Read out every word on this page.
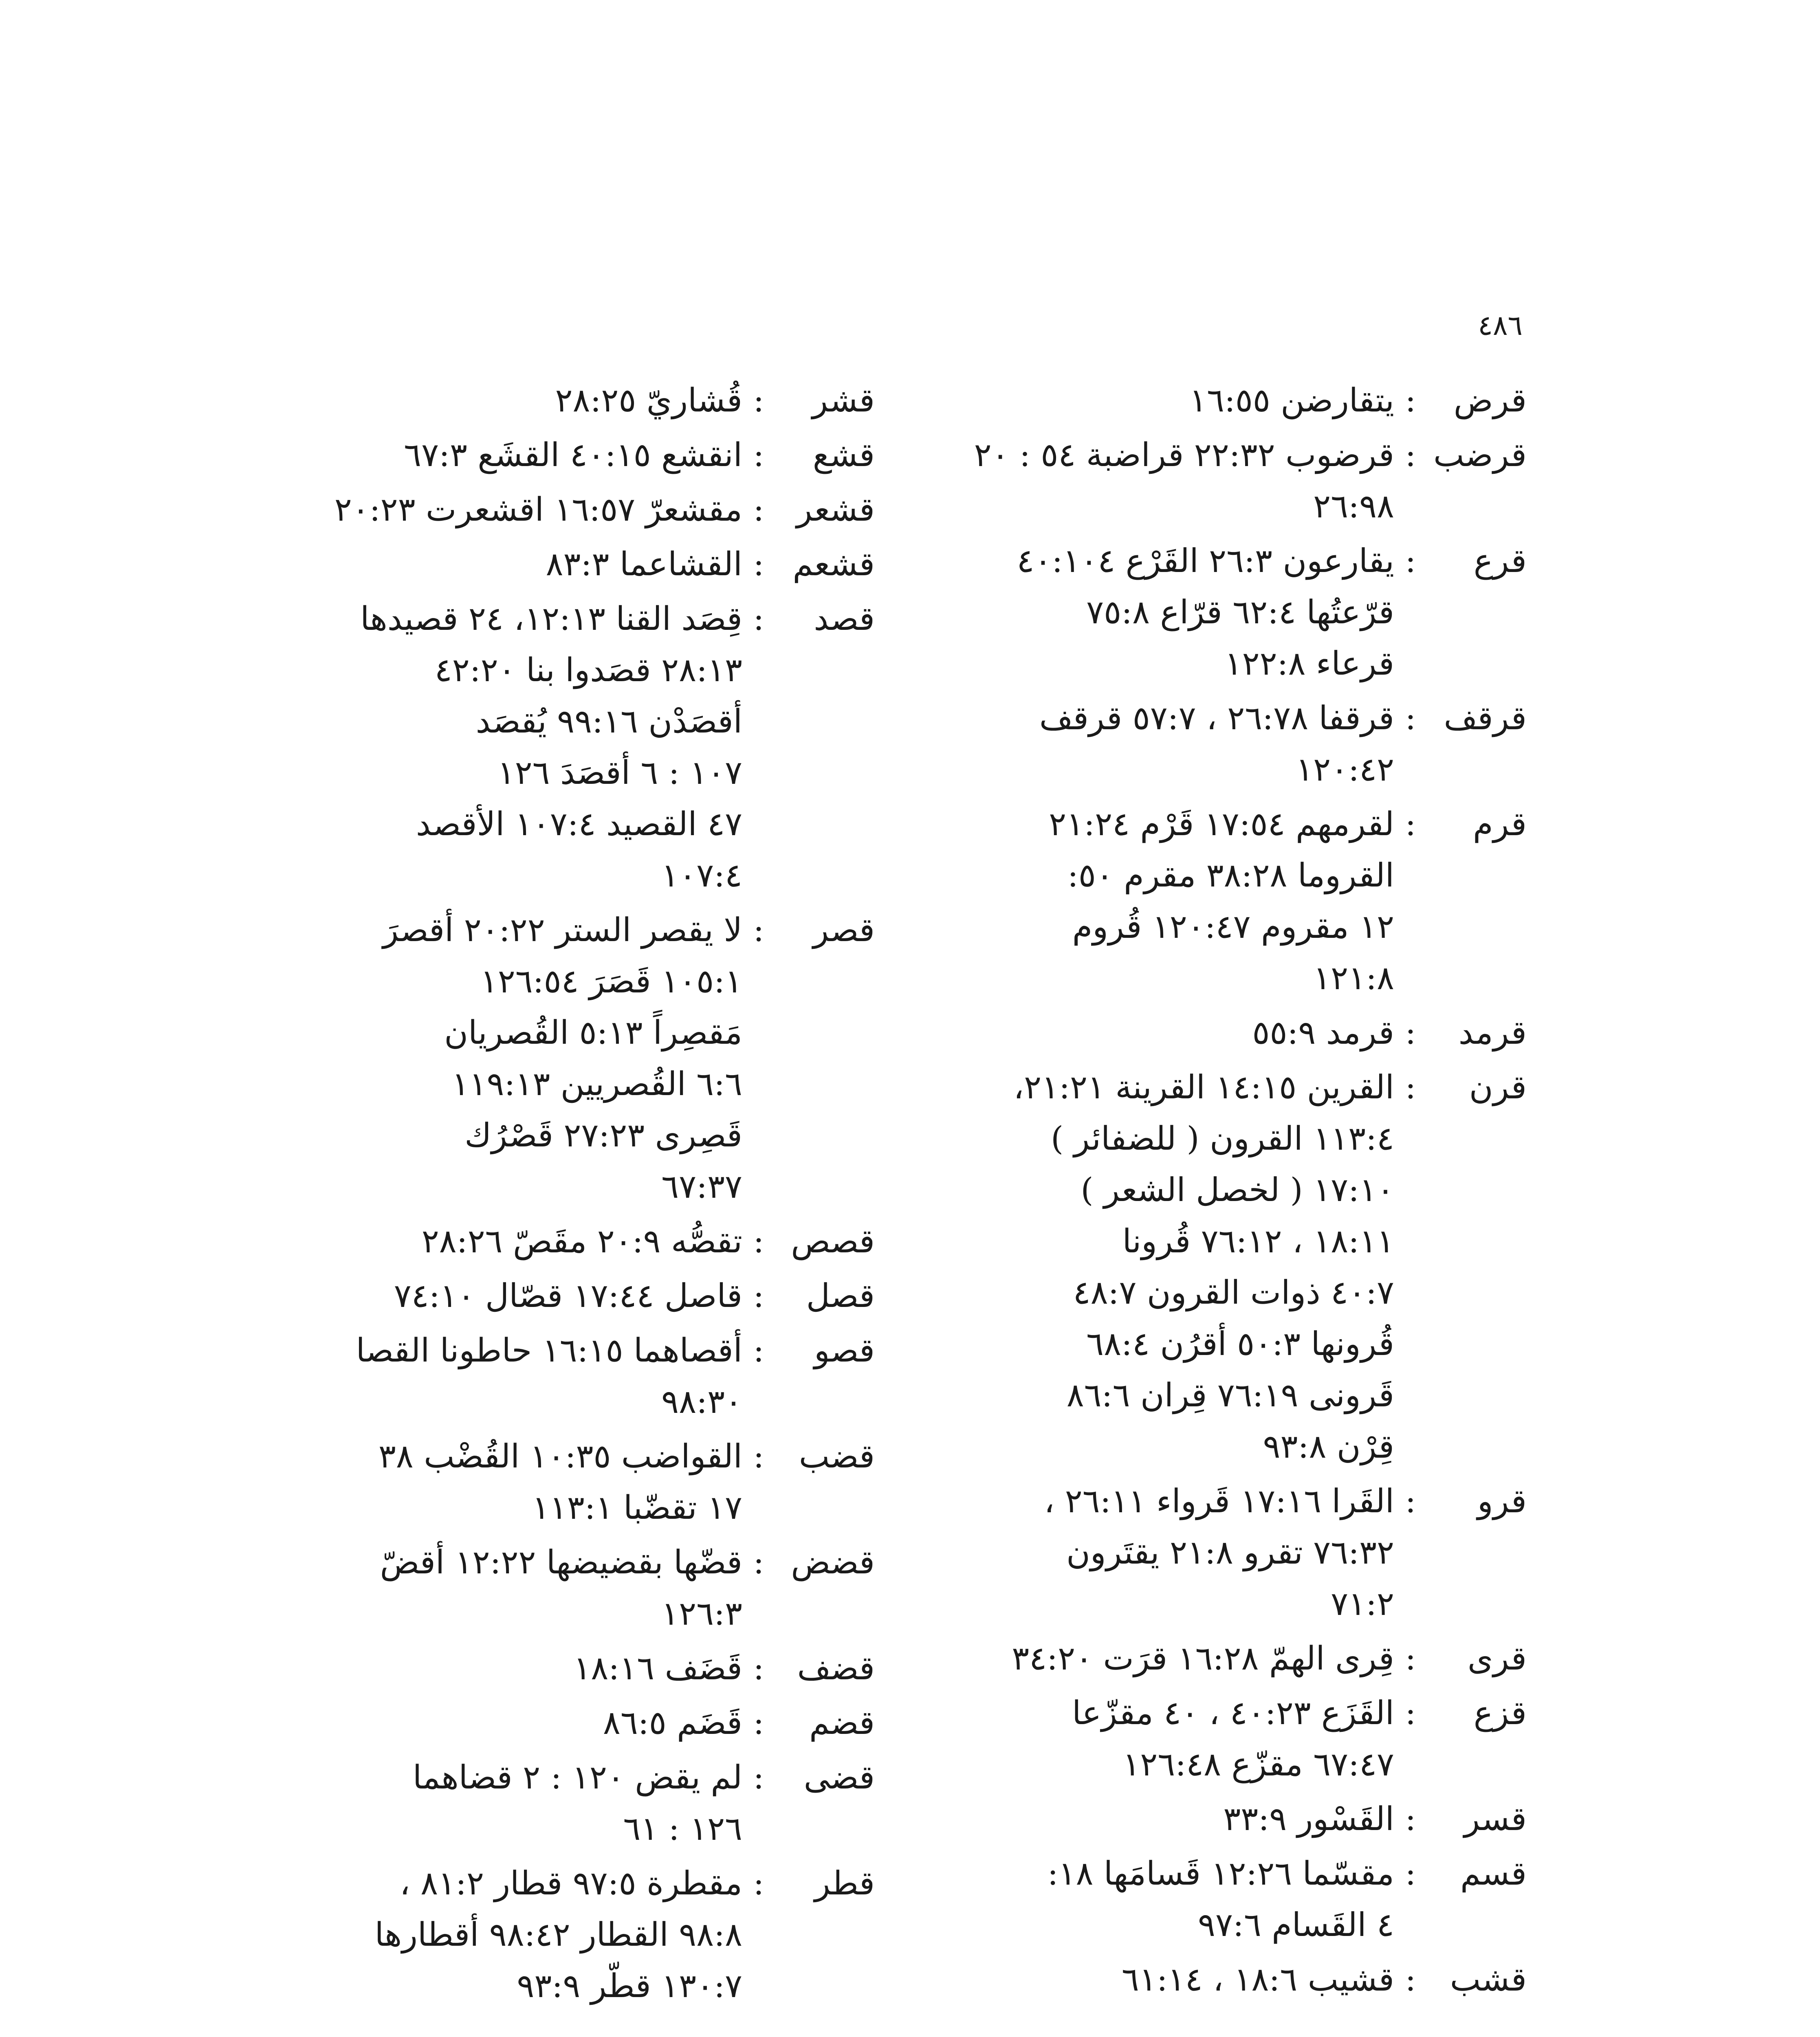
٤٨٦
قرض
:
يتقارضن ١٦:٥٥
قرضب
:
قرضوب ٢٢:٣٢ قراضبة ٥٤ : ٢٠
٢٦:٩٨
قرع
:
يقارعون ٢٦:٣ القَرْع ٤٠:١٠٤
قرّعتُها ٦٢:٤ قرّاع ٧٥:٨
قرعاء ١٢٢:٨
قرقف
:
قرقفا ٢٦:٧٨ ، ٥٧:٧ قرقف
١٢٠:٤٢
قرم
:
لقرمهم ١٧:٥٤ قَرْم ٢١:٢٤
القروما ٣٨:٢٨ مقرم ٥٠:
١٢ مقروم ١٢٠:٤٧ قُروم
١٢١:٨
قرمد
:
قرمد ٥٥:٩
قرن
:
القرين ١٤:١٥ القرينة ٢١:٢١،
١١٣:٤ القرون ( للضفائر )
١٧:١٠ ( لخصل الشعر )
١٨:١١ ، ٧٦:١٢ قُرونا
٤٠:٧ ذوات القرون ٤٨:٧
قُرونها ٥٠:٣ أقرُن ٦٨:٤
قَرونى ٧٦:١٩ قِران ٨٦:٦
قِرْن ٩٣:٨
قرو
:
القَرا ١٧:١٦ قَرواء ٢٦:١١ ،
٧٦:٣٢ تقرو ٢١:٨ يقتَرون
٧١:٢
قرى
:
قِرى الهمّ ١٦:٢٨ قرَت ٣٤:٢٠
قزع
:
القَزَع ٤٠:٢٣ ، ٤٠ مقزّعا
٦٧:٤٧ مقزّع ١٢٦:٤٨
قسر
:
القَسْور ٣٣:٩
قسم
:
مقسّما ١٢:٢٦ قَسامَها ١٨:
٤ القَسام ٩٧:٦
قشب
:
قشيب ١٨:٦ ، ٦١:١٤
قشر
:
قُشاريّ ٢٨:٢٥
قشع
:
انقشع ٤٠:١٥ القشَع ٦٧:٣
قشعر
:
مقشعرّ ١٦:٥٧ اقشعرت ٢٠:٢٣
قشعم
:
القشاعما ٨٣:٣
قصد
:
قِصَد القنا ١٢:١٣، ٢٤ قصيدها
٢٨:١٣ قصَدوا بنا ٤٢:٢٠
أقصَدْن ٩٩:١٦ يُقصَد
١٠٧ : ٦ أقصَدَ ١٢٦
٤٧ القصيد ١٠٧:٤ الأقصد
١٠٧:٤
قصر
:
لا يقصر الستر ٢٠:٢٢ أقصرَ
١٠٥:١ قَصَرَ ١٢٦:٥٤
مَقصِراً ٥:١٣ القُصريان
٦:٦ القُصريين ١١٩:١٣
قَصِرى ٢٧:٢٣ قَصْرُك
٦٧:٣٧
قصص
:
تقصُّه ٢٠:٩ مقَصّ ٢٨:٢٦
قصل
:
قاصل ١٧:٤٤ قصّال ٧٤:١٠
قصو
:
أقصاهما ١٦:١٥ حاطونا القصا
٩٨:٣٠
قضب
:
القواضب ١٠:٣٥ القُضْب ٣٨
١٧ تقضّبا ١١٣:١
قضض
:
قضّها بقضيضها ١٢:٢٢ أقضّ
١٢٦:٣
قضف
:
قَضَف ١٨:١٦
قضم
:
قَضَم ٨٦:٥
قضى
:
لم يقض ١٢٠ : ٢ قضاهما
١٢٦ : ٦١
قطر
:
مقطرة ٩٧:٥ قطار ٨١:٢ ،
٩٨:٨ القطار ٩٨:٤٢ أقطارها
١٣٠:٧ قطّر ٩٣:٩
